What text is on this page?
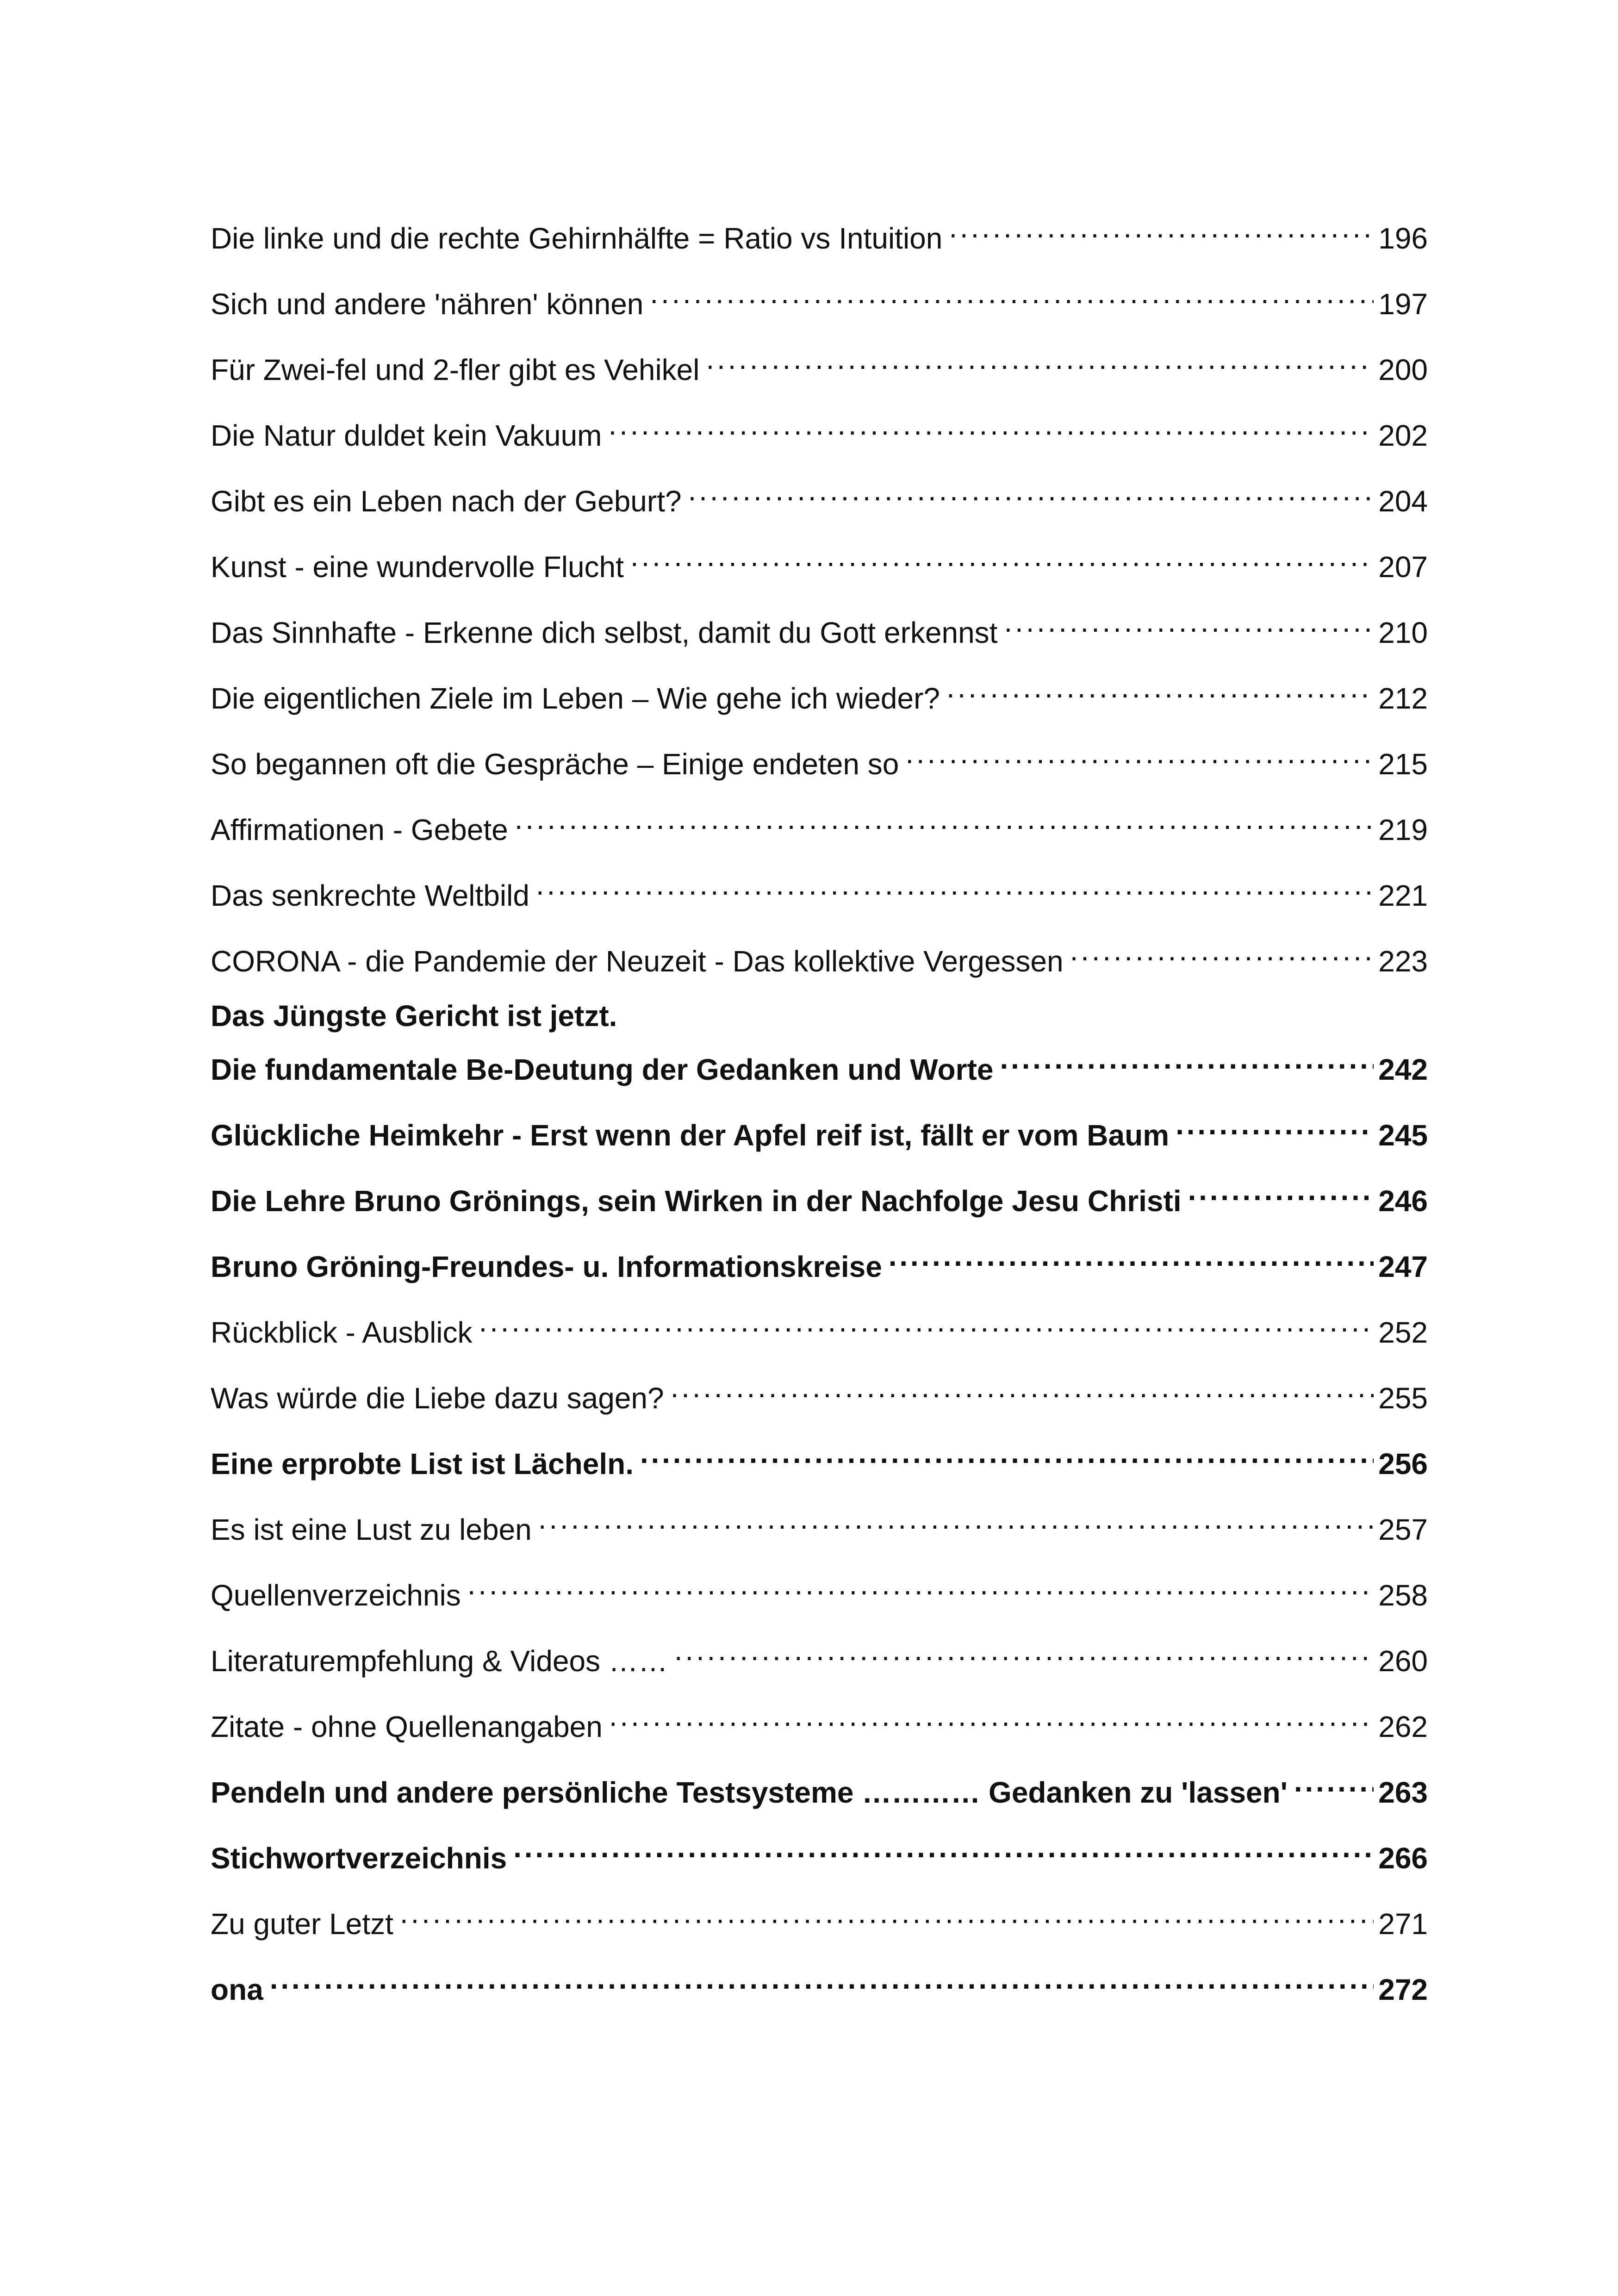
Die linke und die rechte Gehirnhälfte = Ratio vs Intuition . . .	196
Sich und andere 'nähren' können . . .	197
Für Zwei-fel und 2-fler gibt es Vehikel . . .	200
Die Natur duldet kein Vakuum . . .	202
Gibt es ein Leben nach der Geburt? . . .	204
Kunst - eine wundervolle Flucht . . .	207
Das Sinnhafte - Erkenne dich selbst, damit du Gott erkennst . . .	210
Die eigentlichen Ziele im Leben – Wie gehe ich wieder? . . .	212
So begannen oft die Gespräche – Einige endeten so . . .	215
Affirmationen - Gebete . . .	219
Das senkrechte Weltbild . . .	221
CORONA - die Pandemie der Neuzeit - Das kollektive Vergessen . . .	223
Das Jüngste Gericht ist jetzt.
Die fundamentale Be-Deutung der Gedanken und Worte . . .	242
Glückliche Heimkehr - Erst wenn der Apfel reif ist, fällt er vom Baum . . .	245
Die Lehre Bruno Grönings, sein Wirken in der Nachfolge Jesu Christi . . .	246
Bruno Gröning-Freundes- u. Informationskreise . . .	247
Rückblick - Ausblick . . .	252
Was würde die Liebe dazu sagen? . . .	255
Eine erprobte List ist Lächeln. . . .	256
Es ist eine Lust zu leben . . .	257
Quellenverzeichnis . . .	258
Literaturempfehlung & Videos …… . . .	260
Zitate - ohne Quellenangaben . . .	262
Pendeln und andere persönliche Testsysteme ………… Gedanken zu 'lassen' . . .	263
Stichwortverzeichnis . . .	266
Zu guter Letzt . . .	271
ona . . .	272
